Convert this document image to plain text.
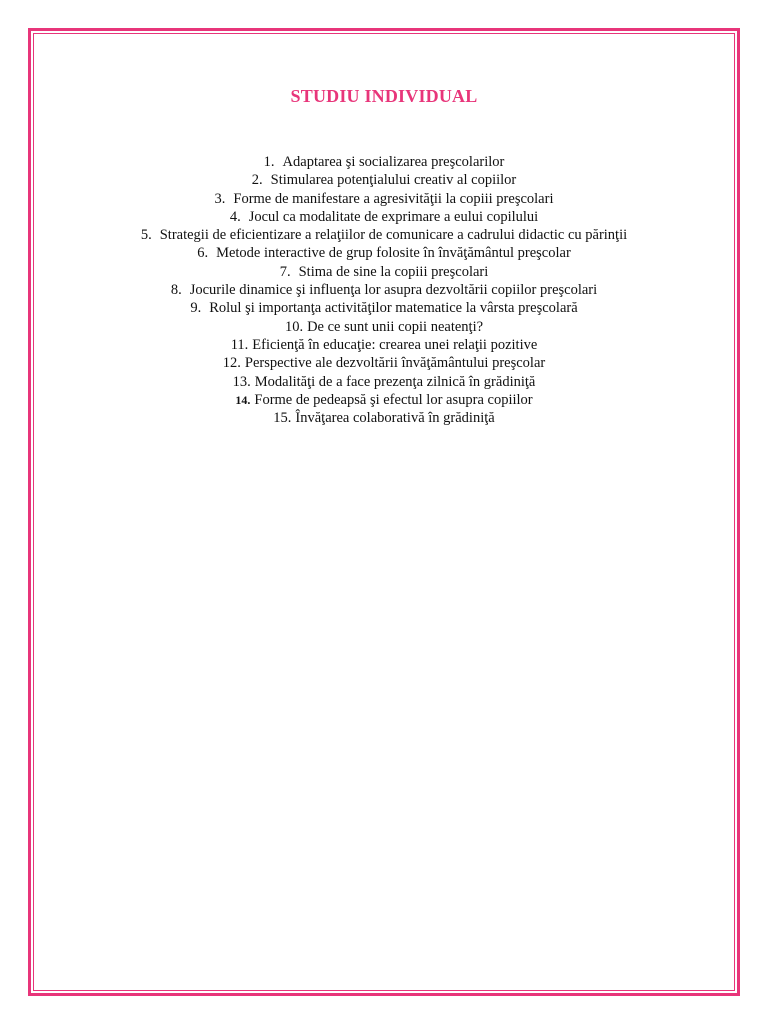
STUDIU INDIVIDUAL
1. Adaptarea şi socializarea preşcolarilor
2. Stimularea potenţialului creativ al copiilor
3. Forme de manifestare a agresivităţii la copiii preşcolari
4. Jocul ca modalitate de exprimare a eului copilului
5. Strategii de eficientizare a relaţiilor de comunicare a cadrului didactic cu părinţii
6. Metode interactive de grup folosite în învăţământul preşcolar
7. Stima de sine la copiii preşcolari
8. Jocurile dinamice şi influenţa lor asupra dezvoltării copiilor preşcolari
9. Rolul şi importanţa activităţilor matematice la vârsta preşcolară
10. De ce sunt unii copii neatenţi?
11. Eficienţă în educaţie: crearea unei relaţii pozitive
12. Perspective ale dezvoltării învăţământului preşcolar
13. Modalităţi de a face prezenţa zilnică în grădiniţă
14. Forme de pedeapsă şi efectul lor asupra copiilor
15. Învăţarea colaborativă în grădiniţă
